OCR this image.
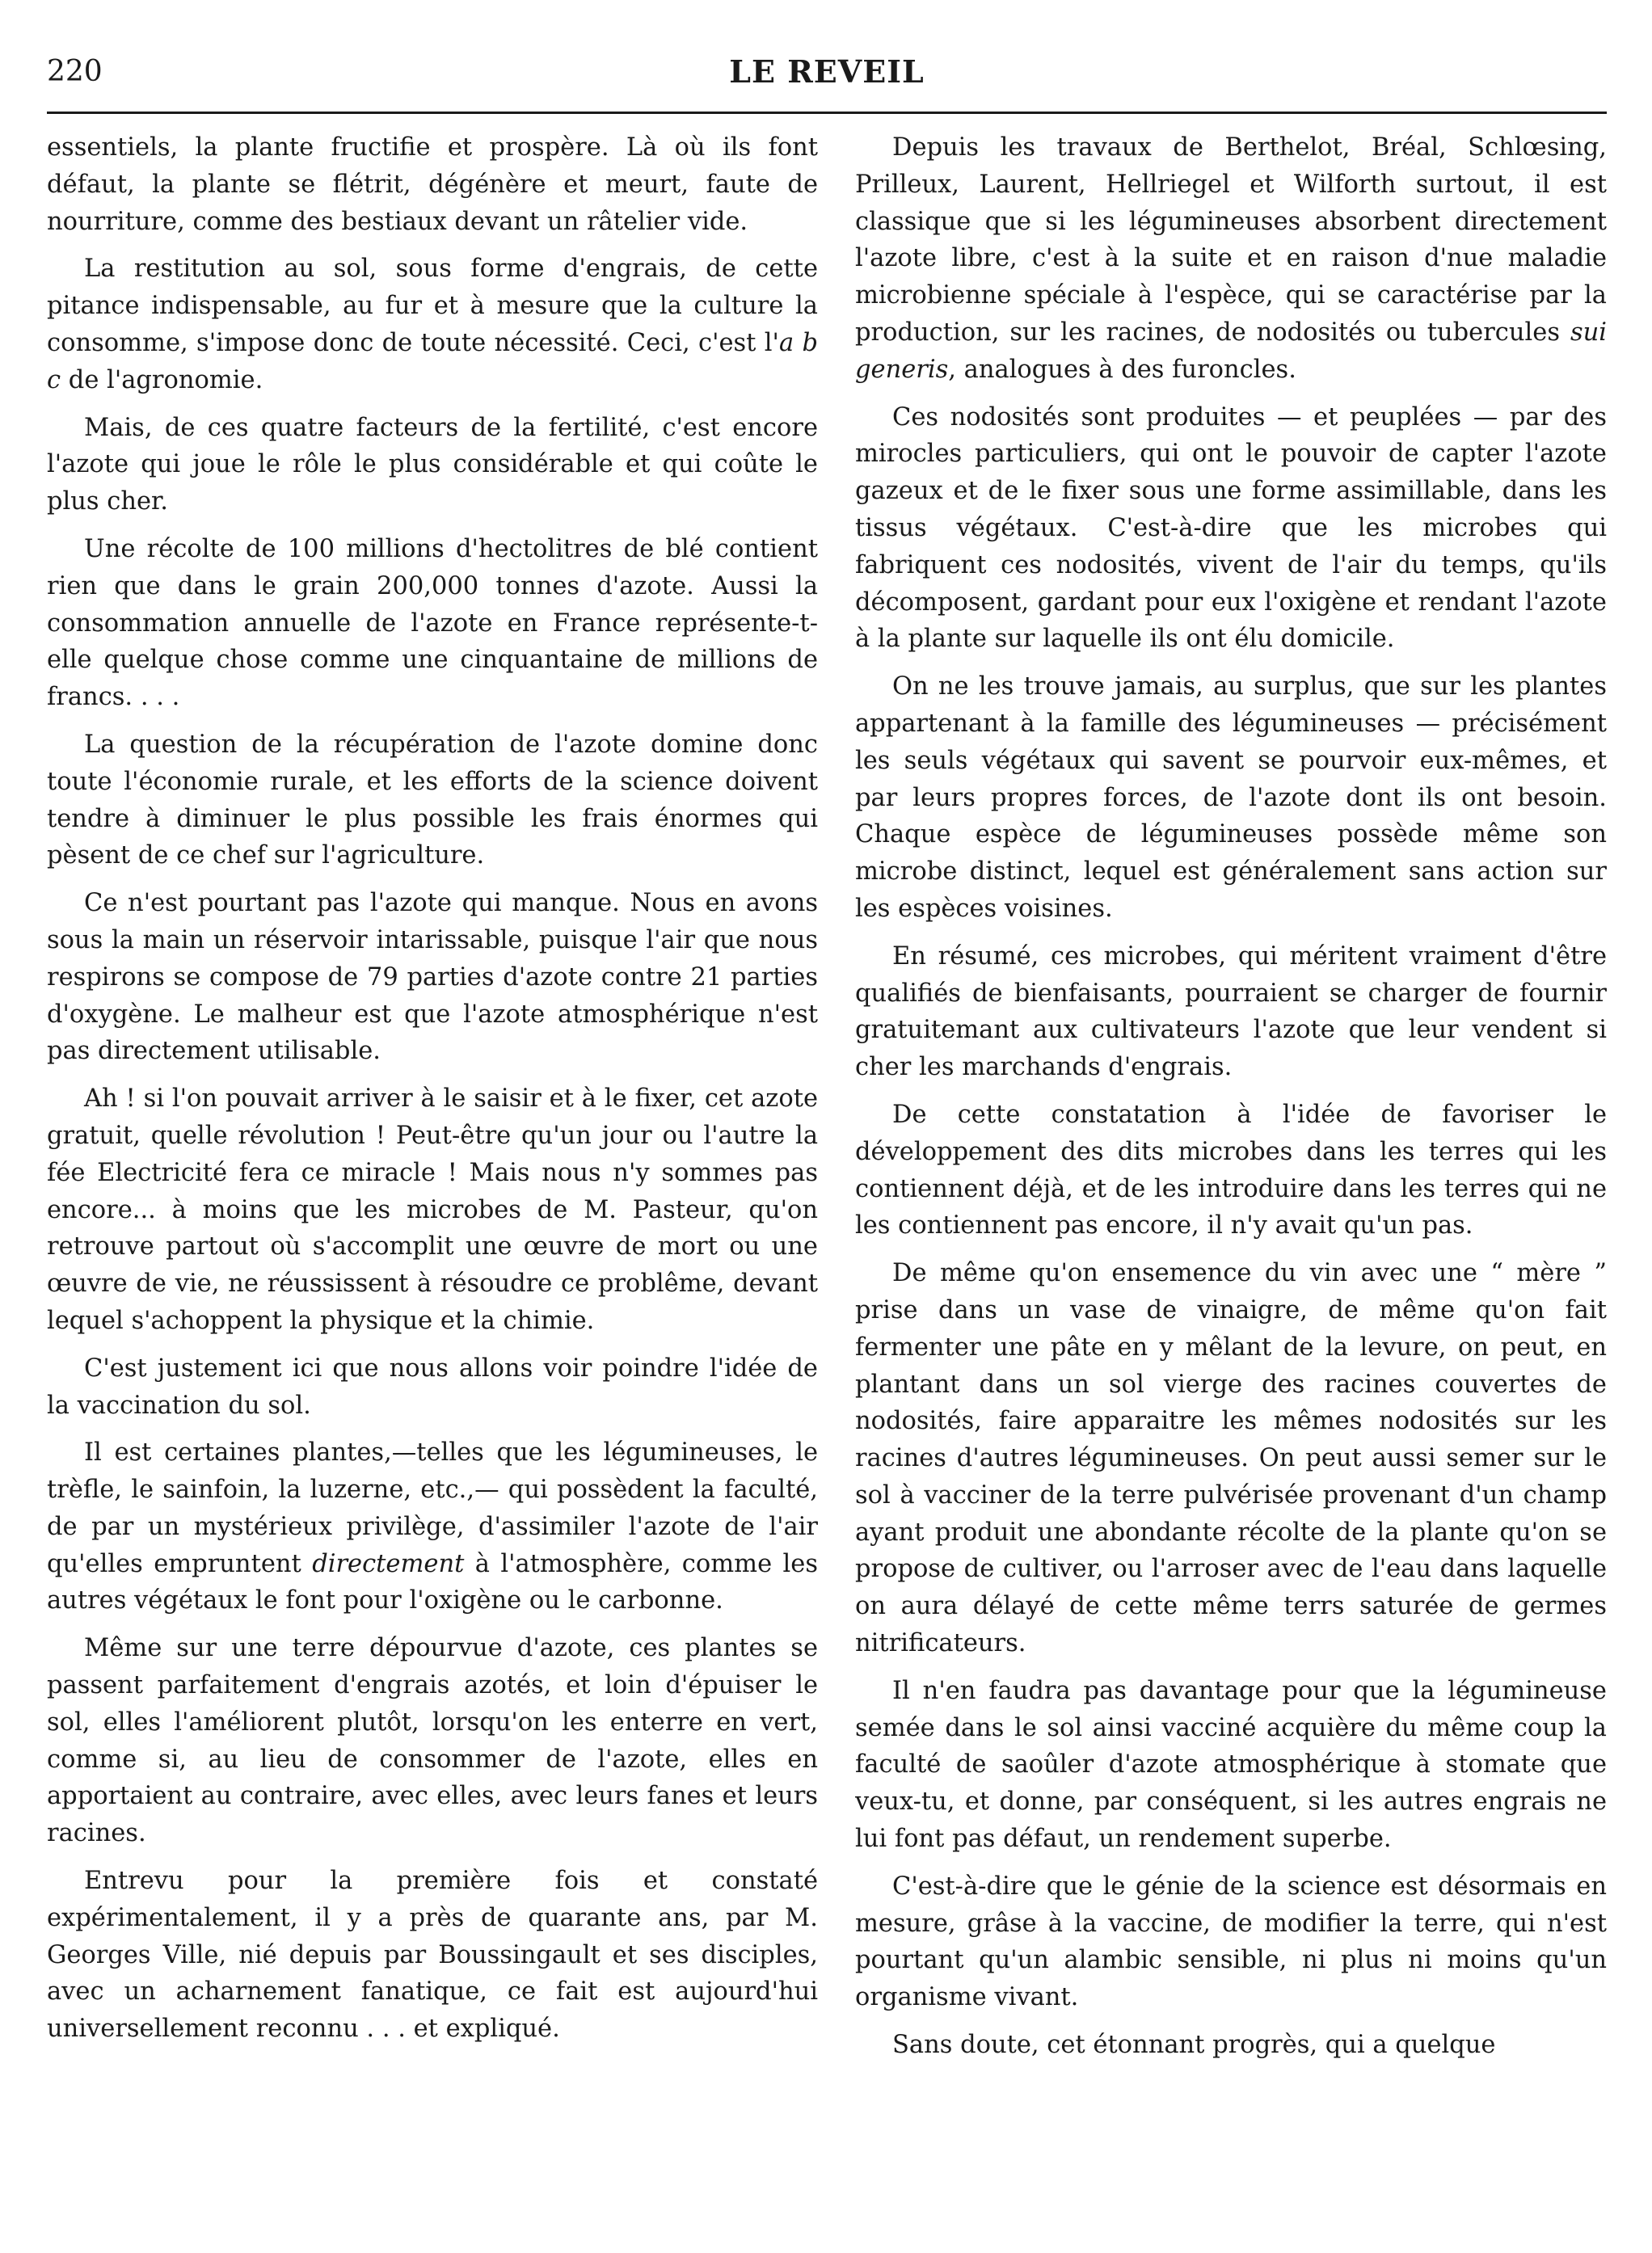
220	LE REVEIL

essentiels, la plante fructifie et prospère. Là où ils font défaut, la plante se flétrit, dégénère et meurt, faute de nourriture, comme des bestiaux devant un râtelier vide.

La restitution au sol, sous forme d'engrais, de cette pitance indispensable, au fur et à mesure que la culture la consomme, s'impose donc de toute nécessité. Ceci, c'est l'a b c de l'agronomie.

Mais, de ces quatre facteurs de la fertilité, c'est encore l'azote qui joue le rôle le plus considérable et qui coûte le plus cher.

Une récolte de 100 millions d'hectolitres de blé contient rien que dans le grain 200,000 tonnes d'azote. Aussi la consommation annuelle de l'azote en France représente-t-elle quelque chose comme une cinquantaine de millions de francs. . . .

La question de la récupération de l'azote domine donc toute l'économie rurale, et les efforts de la science doivent tendre à diminuer le plus possible les frais énormes qui pèsent de ce chef sur l'agriculture.

Ce n'est pourtant pas l'azote qui manque. Nous en avons sous la main un réservoir intarissable, puisque l'air que nous respirons se compose de 79 parties d'azote contre 21 parties d'oxygène. Le malheur est que l'azote atmosphérique n'est pas directement utilisable.

Ah ! si l'on pouvait arriver à le saisir et à le fixer, cet azote gratuit, quelle révolution ! Peut-être qu'un jour ou l'autre la fée Electricité fera ce miracle ! Mais nous n'y sommes pas encore... à moins que les microbes de M. Pasteur, qu'on retrouve partout où s'accomplit une œuvre de mort ou une œuvre de vie, ne réussissent à résoudre ce problême, devant lequel s'achoppent la physique et la chimie.

C'est justement ici que nous allons voir poindre l'idée de la vaccination du sol.

Il est certaines plantes,—telles que les légumineuses, le trèfle, le sainfoin, la luzerne, etc.,— qui possèdent la faculté, de par un mystérieux privilège, d'assimiler l'azote de l'air qu'elles empruntent directement à l'atmosphère, comme les autres végétaux le font pour l'oxigène ou le carbonne.

Même sur une terre dépourvue d'azote, ces plantes se passent parfaitement d'engrais azotés, et loin d'épuiser le sol, elles l'améliorent plutôt, lorsqu'on les enterre en vert, comme si, au lieu de consommer de l'azote, elles en apportaient au contraire, avec elles, avec leurs fanes et leurs racines.

Entrevu pour la première fois et constaté expérimentalement, il y a près de quarante ans, par M. Georges Ville, nié depuis par Boussingault et ses disciples, avec un acharnement fanatique, ce fait est aujourd'hui universellement reconnu . . . et expliqué.

Depuis les travaux de Berthelot, Bréal, Schlœsing, Prilleux, Laurent, Hellriegel et Wilforth surtout, il est classique que si les légumineuses absorbent directement l'azote libre, c'est à la suite et en raison d'nue maladie microbienne spéciale à l'espèce, qui se caractérise par la production, sur les racines, de nodosités ou tubercules sui generis, analogues à des furoncles.

Ces nodosités sont produites — et peuplées — par des mirocles particuliers, qui ont le pouvoir de capter l'azote gazeux et de le fixer sous une forme assimillable, dans les tissus végétaux. C'est-à-dire que les microbes qui fabriquent ces nodosités, vivent de l'air du temps, qu'ils décomposent, gardant pour eux l'oxigène et rendant l'azote à la plante sur laquelle ils ont élu domicile.

On ne les trouve jamais, au surplus, que sur les plantes appartenant à la famille des légumineuses — précisément les seuls végétaux qui savent se pourvoir eux-mêmes, et par leurs propres forces, de l'azote dont ils ont besoin. Chaque espèce de légumineuses possède même son microbe distinct, lequel est généralement sans action sur les espèces voisines.

En résumé, ces microbes, qui méritent vraiment d'être qualifiés de bienfaisants, pourraient se charger de fournir gratuitemant aux cultivateurs l'azote que leur vendent si cher les marchands d'engrais.

De cette constatation à l'idée de favoriser le développement des dits microbes dans les terres qui les contiennent déjà, et de les introduire dans les terres qui ne les contiennent pas encore, il n'y avait qu'un pas.

De même qu'on ensemence du vin avec une “ mère ” prise dans un vase de vinaigre, de même qu'on fait fermenter une pâte en y mêlant de la levure, on peut, en plantant dans un sol vierge des racines couvertes de nodosités, faire apparaitre les mêmes nodosités sur les racines d'autres légumineuses. On peut aussi semer sur le sol à vacciner de la terre pulvérisée provenant d'un champ ayant produit une abondante récolte de la plante qu'on se propose de cultiver, ou l'arroser avec de l'eau dans laquelle on aura délayé de cette même terrs saturée de germes nitrificateurs.

Il n'en faudra pas davantage pour que la légumineuse semée dans le sol ainsi vacciné acquière du même coup la faculté de saoûler d'azote atmosphérique à stomate que veux-tu, et donne, par conséquent, si les autres engrais ne lui font pas défaut, un rendement superbe.

C'est-à-dire que le génie de la science est désormais en mesure, grâse à la vaccine, de modifier la terre, qui n'est pourtant qu'un alambic sensible, ni plus ni moins qu'un organisme vivant.

Sans doute, cet étonnant progrès, qui a quelque
